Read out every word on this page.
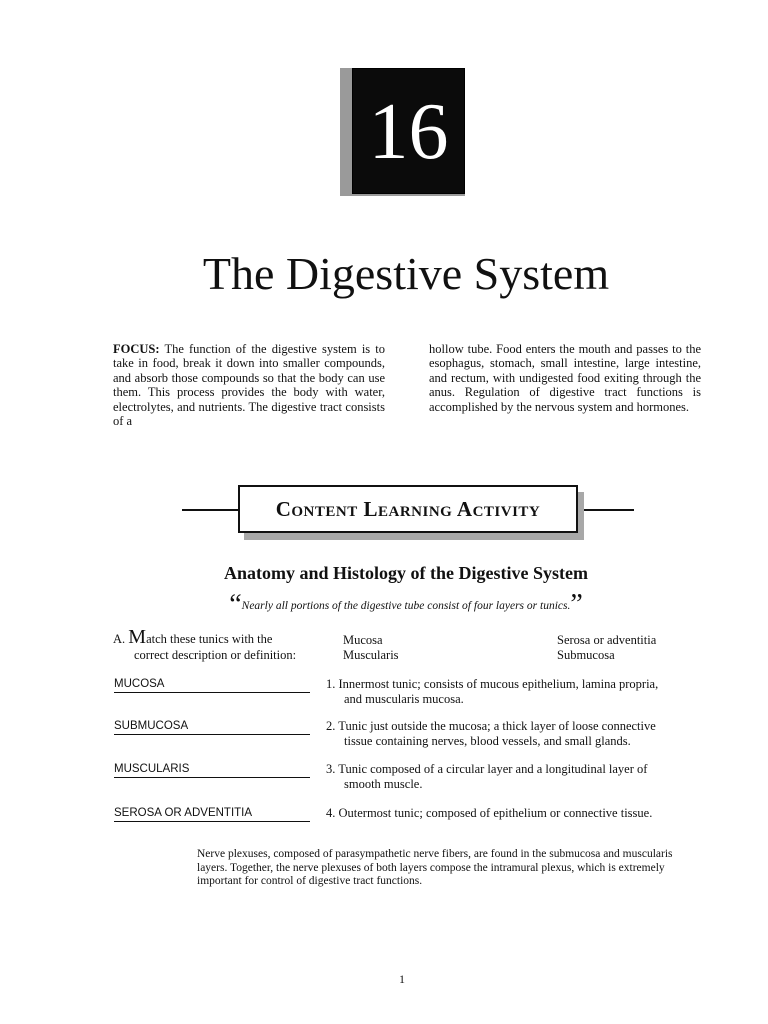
16
The Digestive System
FOCUS: The function of the digestive system is to take in food, break it down into smaller compounds, and absorb those compounds so that the body can use them. This process provides the body with water, electrolytes, and nutrients. The digestive tract consists of a
hollow tube. Food enters the mouth and passes to the esophagus, stomach, small intestine, large intestine, and rectum, with undigested food exiting through the anus. Regulation of digestive tract functions is accomplished by the nervous system and hormones.
Content Learning Activity
Anatomy and Histology of the Digestive System
“Nearly all portions of the digestive tube consist of four layers or tunics.”
A. Match these tunics with the
correct description or definition:
Mucosa
Muscularis
Serosa or adventitia
Submucosa
MUCOSA	1. Innermost tunic; consists of mucous epithelium, lamina propria,
and muscularis mucosa.
SUBMUCOSA	2. Tunic just outside the mucosa; a thick layer of loose connective
tissue containing nerves, blood vessels, and small glands.
MUSCULARIS	3. Tunic composed of a circular layer and a longitudinal layer of
smooth muscle.
SEROSA OR ADVENTITIA	4. Outermost tunic; composed of epithelium or connective tissue.
Nerve plexuses, composed of parasympathetic nerve fibers, are found in the submucosa and muscularis layers. Together, the nerve plexuses of both layers compose the intramural plexus, which is extremely important for control of digestive tract functions.
1
